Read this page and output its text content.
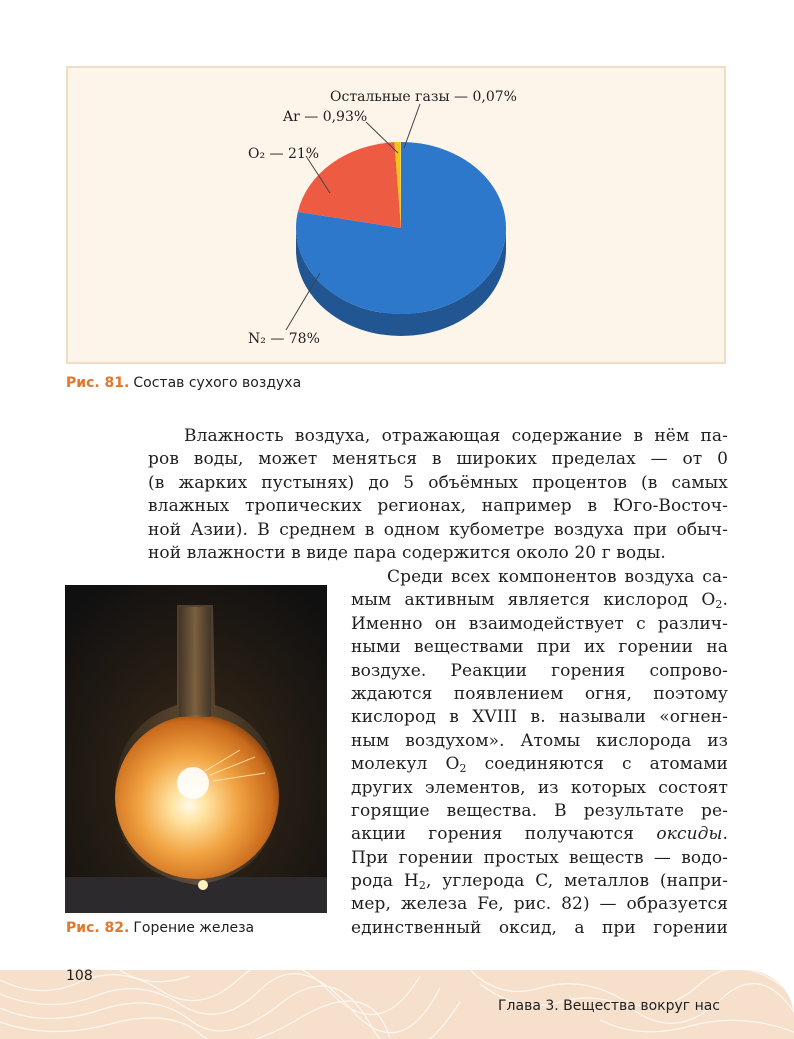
N₂ — 78%
O₂ — 21%
Ar — 0,93%
Остальные газы — 0,07%
Рис. 81. Состав сухого воздуха
Влажность воздуха, отражающая содержание в нём па-
ров воды, может меняться в широких пределах — от 0
(в жарких пустынях) до 5 объёмных процентов (в самых
влажных тропических регионах, например в Юго-Восточ-
ной Азии). В среднем в одном кубометре воздуха при обыч-
ной влажности в виде пара содержится около 20 г воды.
Рис. 82. Горение железа
Среди всех компонентов воздуха са-
мым активным является кислород $O_2$.
Именно он взаимодействует с различ-
ными веществами при их горении на
воздухе. Реакции горения сопрово-
ждаются появлением огня, поэтому
кислород в XVIII в. называли «огнен-
ным воздухом». Атомы кислорода из
молекул $O_2$ соединяются с атомами
других элементов, из которых состоят
горящие вещества. В результате ре-
акции горения получаются оксиды.
При горении простых веществ — водо-
рода $H_2$, углерода C, металлов (напри-
мер, железа Fe, рис. 82) — образуется
единственный оксид, а при горении
108
Глава 3. Вещества вокруг нас
